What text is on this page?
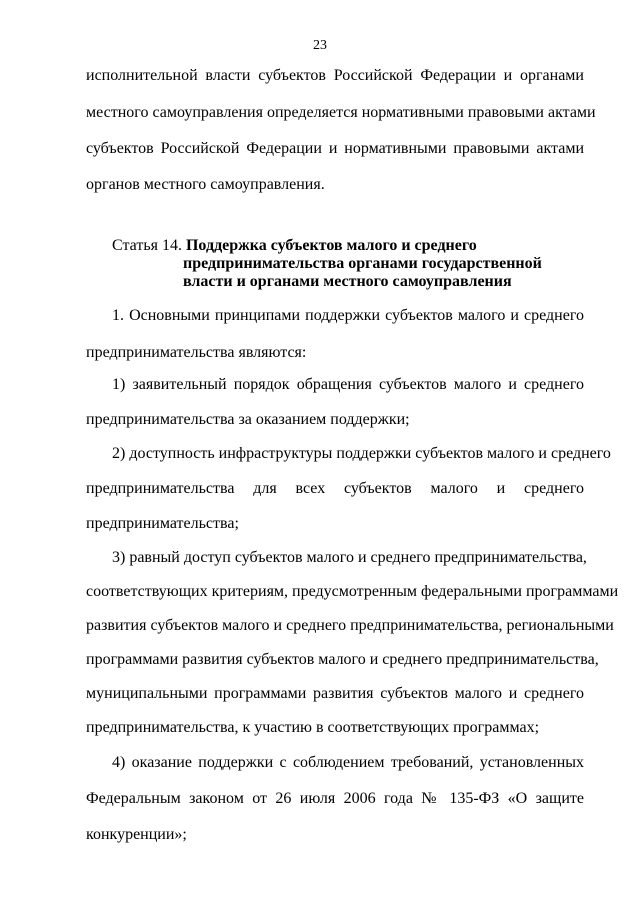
23
исполнительной власти субъектов Российской Федерации и органами
местного самоуправления определяется нормативными правовыми актами
субъектов Российской Федерации и нормативными правовыми актами
органов местного самоуправления.
Статья 14. Поддержка субъектов малого и среднего
предпринимательства органами государственной
власти и органами местного самоуправления
1. Основными принципами поддержки субъектов малого и среднего
предпринимательства являются:
1) заявительный порядок обращения субъектов малого и среднего
предпринимательства за оказанием поддержки;
2) доступность инфраструктуры поддержки субъектов малого и среднего
предпринимательства для всех субъектов малого и среднего
предпринимательства;
3) равный доступ субъектов малого и среднего предпринимательства,
соответствующих критериям, предусмотренным федеральными программами
развития субъектов малого и среднего предпринимательства, региональными
программами развития субъектов малого и среднего предпринимательства,
муниципальными программами развития субъектов малого и среднего
предпринимательства, к участию в соответствующих программах;
4) оказание поддержки с соблюдением требований, установленных
Федеральным законом от 26 июля 2006 года № 135-ФЗ «О защите
конкуренции»;
